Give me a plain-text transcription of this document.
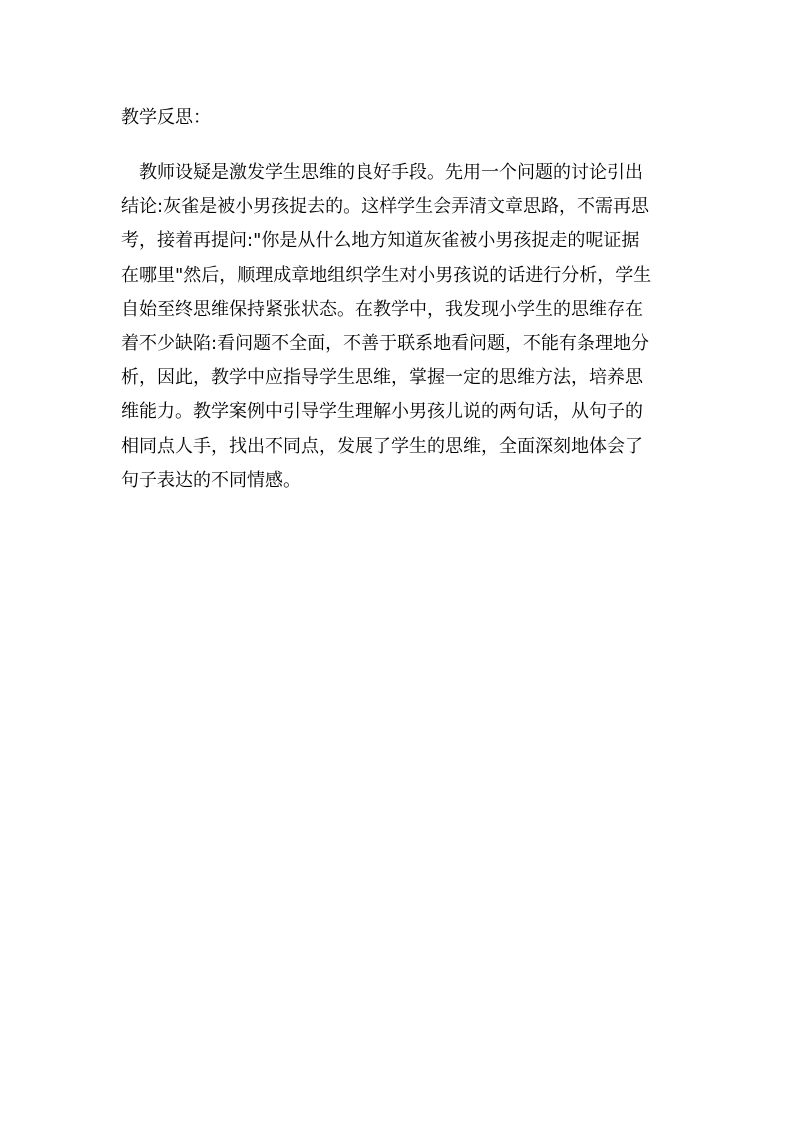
教学反思：
教师设疑是激发学生思维的良好手段。先用一个问题的讨论引出
结论:灰雀是被小男孩捉去的。这样学生会弄清文章思路，不需再思
考，接着再提问:"你是从什么地方知道灰雀被小男孩捉走的呢证据
在哪里"然后，顺理成章地组织学生对小男孩说的话进行分析，学生
自始至终思维保持紧张状态。在教学中，我发现小学生的思维存在
着不少缺陷:看问题不全面，不善于联系地看问题，不能有条理地分
析，因此，教学中应指导学生思维，掌握一定的思维方法，培养思
维能力。教学案例中引导学生理解小男孩儿说的两句话，从句子的
相同点人手，找出不同点，发展了学生的思维，全面深刻地体会了
句子表达的不同情感。
